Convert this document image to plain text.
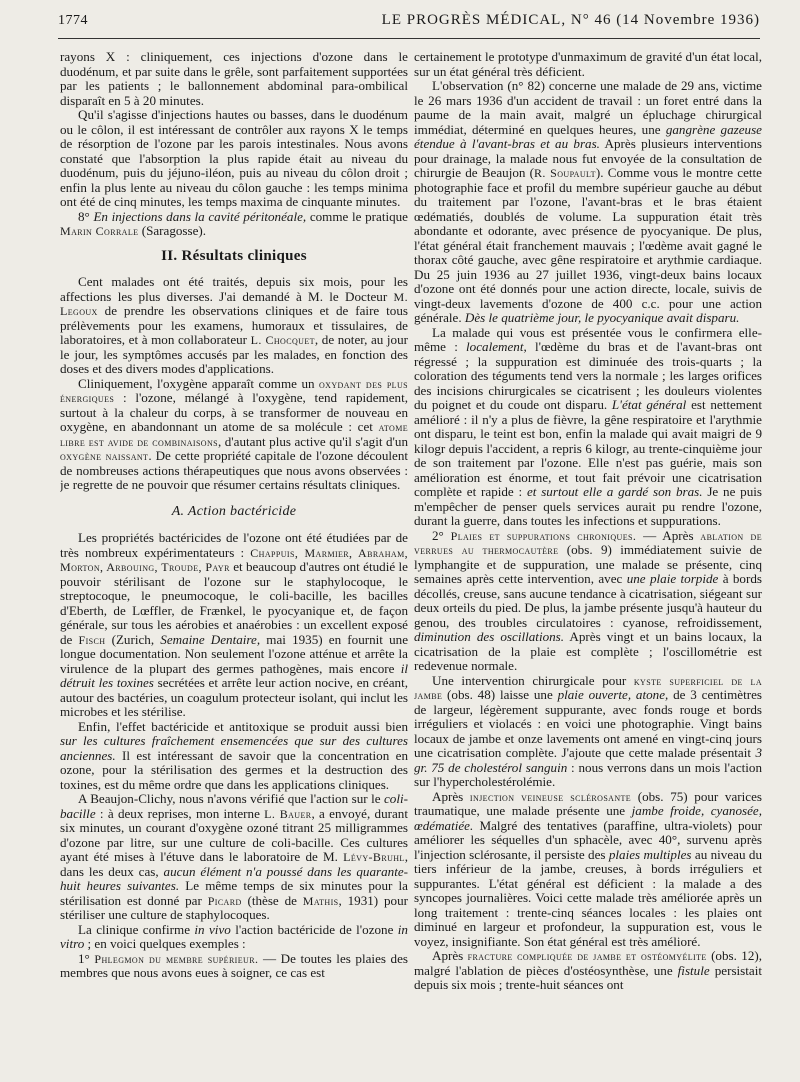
1774	LE PROGRÈS MÉDICAL, N° 46 (14 Novembre 1936)

rayons X : cliniquement, ces injections d'ozone dans le duodénum, et par suite dans le grêle, sont parfaitement supportées par les patients ; le ballonnement abdominal para-ombilical disparaît en 5 à 20 minutes.

Qu'il s'agisse d'injections hautes ou basses, dans le duodénum ou le côlon, il est intéressant de contrôler aux rayons X le temps de résorption de l'ozone par les parois intestinales. Nous avons constaté que l'absorption la plus rapide était au niveau du duodénum, puis du jéjuno-iléon, puis au niveau du côlon droit ; enfin la plus lente au niveau du côlon gauche : les temps minima ont été de cinq minutes, les temps maxima de cinquante minutes.

8° En injections dans la cavité péritonéale, comme le pratique Marin Corrale (Saragosse).

II. Résultats cliniques

Cent malades ont été traités, depuis six mois, pour les affections les plus diverses. J'ai demandé à M. le Docteur M. Legoux de prendre les observations cliniques et de faire tous prélèvements pour les examens, humoraux et tissulaires, de laboratoires, et à mon collaborateur L. Chocquet, de noter, au jour le jour, les symptômes accusés par les malades, en fonction des doses et des divers modes d'applications.

Cliniquement, l'oxygène apparaît comme un oxydant des plus énergiques : l'ozone, mélangé à l'oxygène, tend rapidement, surtout à la chaleur du corps, à se transformer de nouveau en oxygène, en abandonnant un atome de sa molécule : cet atome libre est avide de combinaisons, d'autant plus active qu'il s'agit d'un oxygène naissant. De cette propriété capitale de l'ozone découlent de nombreuses actions thérapeutiques que nous avons observées : je regrette de ne pouvoir que résumer certains résultats cliniques.

A. Action bactéricide

Les propriétés bactéricides de l'ozone ont été étudiées par de très nombreux expérimentateurs : Chappuis, Marmier, Abraham, Morton, Arbouing, Troude, Payr et beaucoup d'autres ont étudié le pouvoir stérilisant de l'ozone sur le staphylocoque, le streptocoque, le pneumocoque, le coli-bacille, les bacilles d'Eberth, de Lœffler, de Frænkel, le pyocyanique et, de façon générale, sur tous les aérobies et anaérobies : un excellent exposé de Fisch (Zurich, Semaine Dentaire, mai 1935) en fournit une longue documentation. Non seulement l'ozone atténue et arrête la virulence de la plupart des germes pathogènes, mais encore il détruit les toxines secrétées et arrête leur action nocive, en créant, autour des bactéries, un coagulum protecteur isolant, qui inclut les microbes et les stérilise.

Enfin, l'effet bactéricide et antitoxique se produit aussi bien sur les cultures fraîchement ensemencées que sur des cultures anciennes. Il est intéressant de savoir que la concentration en ozone, pour la stérilisation des germes et la destruction des toxines, est du même ordre que dans les applications cliniques.

A Beaujon-Clichy, nous n'avons vérifié que l'action sur le coli-bacille : à deux reprises, mon interne L. Bauer, a envoyé, durant six minutes, un courant d'oxygène ozoné titrant 25 milligrammes d'ozone par litre, sur une culture de coli-bacille. Ces cultures ayant été mises à l'étuve dans le laboratoire de M. Lévy-Bruhl, dans les deux cas, aucun élément n'a poussé dans les quarante-huit heures suivantes. Le même temps de six minutes pour la stérilisation est donné par Picard (thèse de Mathis, 1931) pour stériliser une culture de staphylocoques.

La clinique confirme in vivo l'action bactéricide de l'ozone in vitro ; en voici quelques exemples :

1° Phlegmon du membre supérieur. — De toutes les plaies des membres que nous avons eues à soigner, ce cas est

certainement le prototype d'unmaximum de gravité d'un état local, sur un état général très déficient.

L'observation (n° 82) concerne une malade de 29 ans, victime le 26 mars 1936 d'un accident de travail : un foret entré dans la paume de la main avait, malgré un épluchage chirurgical immédiat, déterminé en quelques heures, une gangrène gazeuse étendue à l'avant-bras et au bras. Après plusieurs interventions pour drainage, la malade nous fut envoyée de la consultation de chirurgie de Beaujon (R. Soupault). Comme vous le montre cette photographie face et profil du membre supérieur gauche au début du traitement par l'ozone, l'avant-bras et le bras étaient œdématiés, doublés de volume. La suppuration était très abondante et odorante, avec présence de pyocyanique. De plus, l'état général était franchement mauvais ; l'œdème avait gagné le thorax côté gauche, avec gêne respiratoire et arythmie cardiaque. Du 25 juin 1936 au 27 juillet 1936, vingt-deux bains locaux d'ozone ont été donnés pour une action directe, locale, suivis de vingt-deux lavements d'ozone de 400 c.c. pour une action générale. Dès le quatrième jour, le pyocyanique avait disparu.

La malade qui vous est présentée vous le confirmera elle-même : localement, l'œdème du bras et de l'avant-bras ont régressé ; la suppuration est diminuée des trois-quarts ; la coloration des téguments tend vers la normale ; les larges orifices des incisions chirurgicales se cicatrisent ; les douleurs violentes du poignet et du coude ont disparu. L'état général est nettement amélioré : il n'y a plus de fièvre, la gêne respiratoire et l'arythmie ont disparu, le teint est bon, enfin la malade qui avait maigri de 9 kilogr depuis l'accident, a repris 6 kilogr, au trente-cinquième jour de son traitement par l'ozone. Elle n'est pas guérie, mais son amélioration est énorme, et tout fait prévoir une cicatrisation complète et rapide : et surtout elle a gardé son bras. Je ne puis m'empêcher de penser quels services aurait pu rendre l'ozone, durant la guerre, dans toutes les infections et suppurations.

2° Plaies et suppurations chroniques. — Après ablation de verrues au thermocautère (obs. 9) immédiatement suivie de lymphangite et de suppuration, une malade se présente, cinq semaines après cette intervention, avec une plaie torpide à bords décollés, creuse, sans aucune tendance à cicatrisation, siégeant sur deux orteils du pied. De plus, la jambe présente jusqu'à hauteur du genou, des troubles circulatoires : cyanose, refroidissement, diminution des oscillations. Après vingt et un bains locaux, la cicatrisation de la plaie est complète ; l'oscillométrie est redevenue normale.

Une intervention chirurgicale pour kyste superficiel de la jambe (obs. 48) laisse une plaie ouverte, atone, de 3 centimètres de largeur, légèrement suppurante, avec fonds rouge et bords irréguliers et violacés : en voici une photographie. Vingt bains locaux de jambe et onze lavements ont amené en vingt-cinq jours une cicatrisation complète. J'ajoute que cette malade présentait 3 gr. 75 de cholestérol sanguin : nous verrons dans un mois l'action sur l'hypercholestérolémie.

Après injection veineuse sclérosante (obs. 75) pour varices traumatique, une malade présente une jambe froide, cyanosée, œdématiée. Malgré des tentatives (paraffine, ultra-violets) pour améliorer les séquelles d'un sphacèle, avec 40°, survenu après l'injection sclérosante, il persiste des plaies multiples au niveau du tiers inférieur de la jambe, creuses, à bords irréguliers et suppurantes. L'état général est déficient : la malade a des syncopes journalières. Voici cette malade très améliorée après un long traitement : trente-cinq séances locales : les plaies ont diminué en largeur et profondeur, la suppuration est, vous le voyez, insignifiante. Son état général est très amélioré.

Après fracture compliquée de jambe et ostéomyélite (obs. 12), malgré l'ablation de pièces d'ostéosynthèse, une fistule persistait depuis six mois ; trente-huit séances ont
